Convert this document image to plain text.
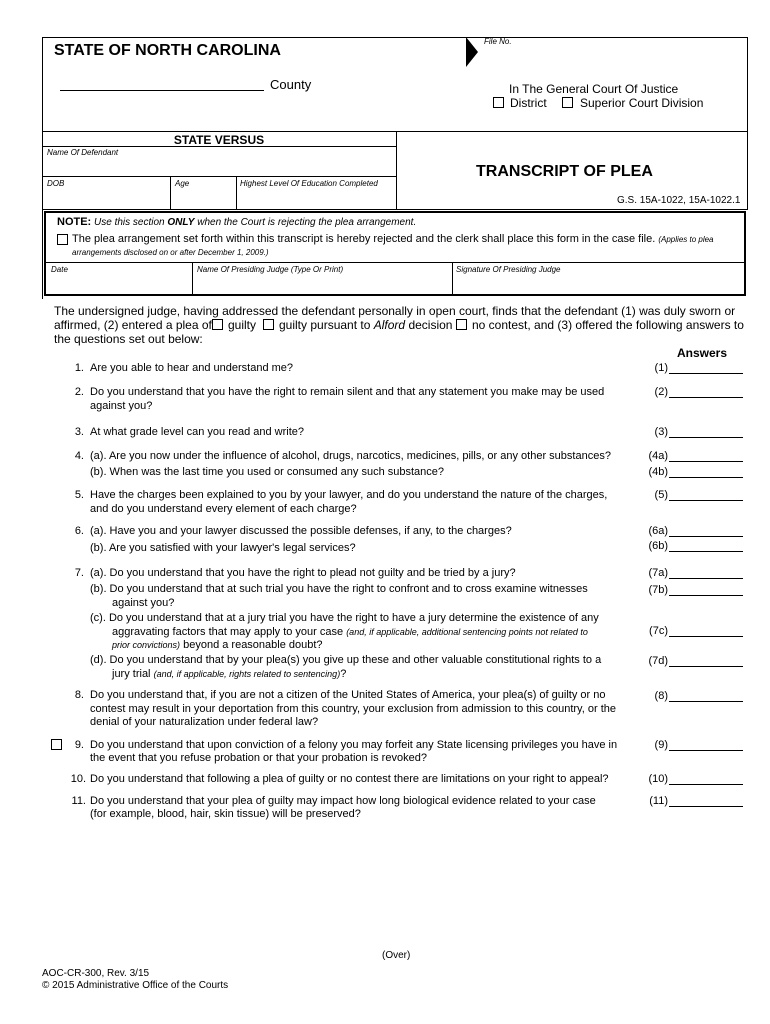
File No.
STATE OF NORTH CAROLINA
County	In The General Court Of Justice
District	Superior Court Division
STATE VERSUS
Name Of Defendant
DOB	Age	Highest Level Of Education Completed
TRANSCRIPT OF PLEA
G.S. 15A-1022, 15A-1022.1
NOTE: Use this section ONLY when the Court is rejecting the plea arrangement.
The plea arrangement set forth within this transcript is hereby rejected and the clerk shall place this form in the case file. (Applies to plea
arrangements disclosed on or after December 1, 2009.)
Date	Name Of Presiding Judge (Type Or Print)	Signature Of Presiding Judge
The undersigned judge, having addressed the defendant personally in open court, finds that the defendant (1) was duly sworn or
affirmed, (2) entered a plea of guilty guilty pursuant to Alford decision no contest, and (3) offered the following answers to
the questions set out below:
Answers
1. Are you able to hear and understand me?	(1)
2. Do you understand that you have the right to remain silent and that any statement you make may be used
against you?
(2)
3. At what grade level can you read and write?	(3)
4. (a). Are you now under the influence of alcohol, drugs, narcotics, medicines, pills, or any other substances?	(4a)
(b). When was the last time you used or consumed any such substance?	(4b)
5. Have the charges been explained to you by your lawyer, and do you understand the nature of the charges,
and do you understand every element of each charge?
(5)
6. (a). Have you and your lawyer discussed the possible defenses, if any, to the charges?	(6a)
(b). Are you satisfied with your lawyer's legal services?	(6b)
7. (a). Do you understand that you have the right to plead not guilty and be tried by a jury?	(7a)
(b). Do you understand that at such trial you have the right to confront and to cross examine witnesses
against you?
(7b)
(c). Do you understand that at a jury trial you have the right to have a jury determine the existence of any
aggravating factors that may apply to your case (and, if applicable, additional sentencing points not related to
prior convictions) beyond a reasonable doubt?
(7c)
(d). Do you understand that by your plea(s) you give up these and other valuable constitutional rights to a
jury trial (and, if applicable, rights related to sentencing)?
(7d)
8. Do you understand that, if you are not a citizen of the United States of America, your plea(s) of guilty or no
contest may result in your deportation from this country, your exclusion from admission to this country, or the
denial of your naturalization under federal law?
(8)
9. Do you understand that upon conviction of a felony you may forfeit any State licensing privileges you have in
the event that you refuse probation or that your probation is revoked?
(9)
10. Do you understand that following a plea of guilty or no contest there are limitations on your right to appeal?	(10)
11. Do you understand that your plea of guilty may impact how long biological evidence related to your case
(for example, blood, hair, skin tissue) will be preserved?
(11)
(Over)
AOC-CR-300, Rev. 3/15
© 2015 Administrative Office of the Courts
